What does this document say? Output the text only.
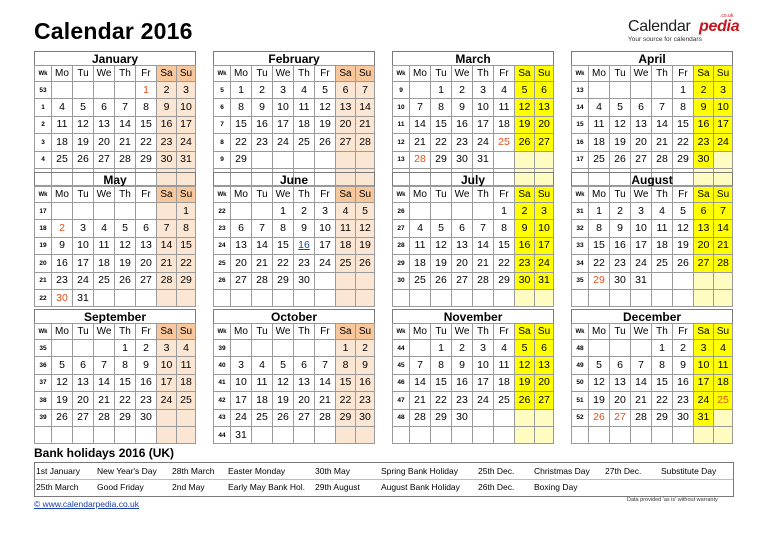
Calendar 2016	Calendar pedia
.co.uk
Your source for calendars
January							
Wk	Mo	Tu	We	Th	Fr	Sa	Su
53					1	2	3
1	4	5	6	7	8	9	10
2	11	12	13	14	15	16	17
3	18	19	20	21	22	23	24
4	25	26	27	28	29	30	31

February							
Wk	Mo	Tu	We	Th	Fr	Sa	Su
5	1	2	3	4	5	6	7
6	8	9	10	11	12	13	14
7	15	16	17	18	19	20	21
8	22	23	24	25	26	27	28
9	29						

March							
Wk	Mo	Tu	We	Th	Fr	Sa	Su
9		1	2	3	4	5	6
10	7	8	9	10	11	12	13
11	14	15	16	17	18	19	20
12	21	22	23	24	25	26	27
13	28	29	30	31			

April							
Wk	Mo	Tu	We	Th	Fr	Sa	Su
13					1	2	3
14	4	5	6	7	8	9	10
15	11	12	13	14	15	16	17
16	18	19	20	21	22	23	24
17	25	26	27	28	29	30	

May							
Wk	Mo	Tu	We	Th	Fr	Sa	Su
17							1
18	2	3	4	5	6	7	8
19	9	10	11	12	13	14	15
20	16	17	18	19	20	21	22
21	23	24	25	26	27	28	29
22	30	31					
June							
Wk	Mo	Tu	We	Th	Fr	Sa	Su
22			1	2	3	4	5
23	6	7	8	9	10	11	12
24	13	14	15	16	17	18	19
25	20	21	22	23	24	25	26
26	27	28	29	30			

July							
Wk	Mo	Tu	We	Th	Fr	Sa	Su
26					1	2	3
27	4	5	6	7	8	9	10
28	11	12	13	14	15	16	17
29	18	19	20	21	22	23	24
30	25	26	27	28	29	30	31

August							
Wk	Mo	Tu	We	Th	Fr	Sa	Su
31	1	2	3	4	5	6	7
32	8	9	10	11	12	13	14
33	15	16	17	18	19	20	21
34	22	23	24	25	26	27	28
35	29	30	31				

September							
Wk	Mo	Tu	We	Th	Fr	Sa	Su
35				1	2	3	4
36	5	6	7	8	9	10	11
37	12	13	14	15	16	17	18
38	19	20	21	22	23	24	25
39	26	27	28	29	30		

October							
Wk	Mo	Tu	We	Th	Fr	Sa	Su
39						1	2
40	3	4	5	6	7	8	9
41	10	11	12	13	14	15	16
42	17	18	19	20	21	22	23
43	24	25	26	27	28	29	30
44	31						
November							
Wk	Mo	Tu	We	Th	Fr	Sa	Su
44		1	2	3	4	5	6
45	7	8	9	10	11	12	13
46	14	15	16	17	18	19	20
47	21	22	23	24	25	26	27
48	28	29	30				

December							
Wk	Mo	Tu	We	Th	Fr	Sa	Su
48				1	2	3	4
49	5	6	7	8	9	10	11
50	12	13	14	15	16	17	18
51	19	20	21	22	23	24	25
52	26	27	28	29	30	31	

Bank holidays 2016 (UK)
1st January New Year's Day 28th March Easter Monday	30th May	Spring Bank Holiday 25th Dec. Christmas Day 27th Dec. Substitute Day
25th March Good Friday	2nd May	Early May Bank Hol. 29th August August Bank Holiday 26th Dec. Boxing Day
© www.calendarpedia.co.uk	Data provided 'as is' without warranty
